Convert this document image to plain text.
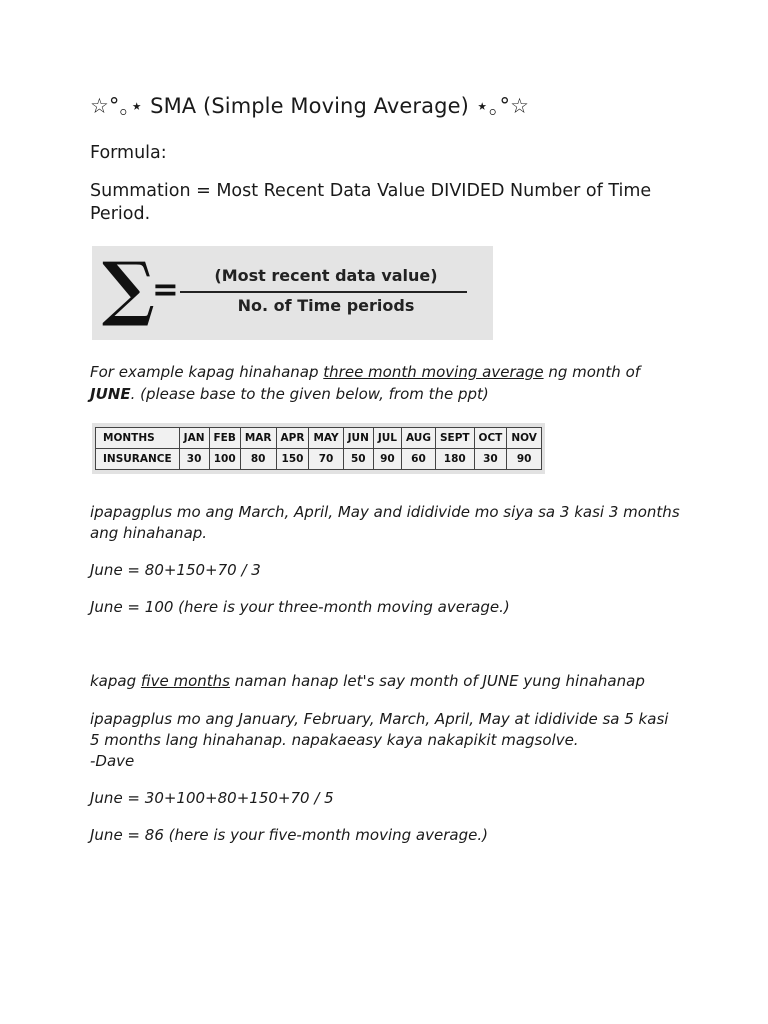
☆°｡⋆ SMA (Simple Moving Average) ⋆｡°☆
Formula:
Summation = Most Recent Data Value DIVIDED Number of Time Period.
∑
=	(Most recent data value)
No. of Time periods
For example kapag hinahanap three month moving average ng month of JUNE. (please base to the given below, from the ppt)
MONTHS	JAN	FEB	MAR	APR	MAY	JUN	JUL	AUG	SEPT	OCT	NOV
INSURANCE	30	100	80	150	70	50	90	60	180	30	90
ipapagplus mo ang March, April, May and ididivide mo siya sa 3 kasi 3 months ang hinahanap.
June = 80+150+70 / 3
June = 100 (here is your three-month moving average.)
kapag five months naman hanap let's say month of JUNE yung hinahanap
ipapagplus mo ang January, February, March, April, May at ididivide sa 5 kasi 5 months lang hinahanap. napakaeasy kaya nakapikit magsolve.
-Dave
June = 30+100+80+150+70 / 5
June = 86 (here is your five-month moving average.)
